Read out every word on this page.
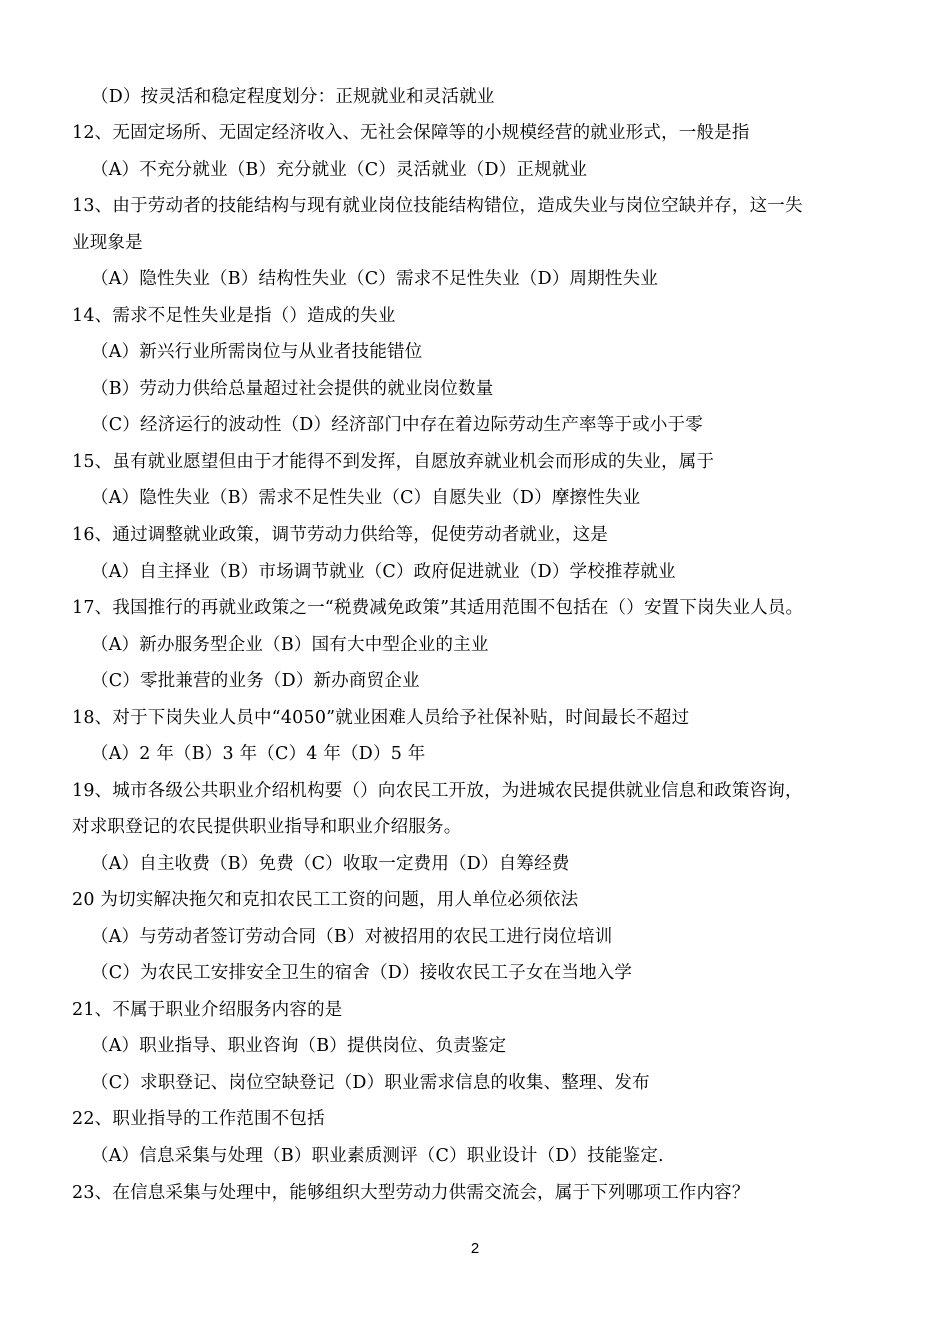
（D）按灵活和稳定程度划分：正规就业和灵活就业
12、无固定场所、无固定经济收入、无社会保障等的小规模经营的就业形式，一般是指
（A）不充分就业（B）充分就业（C）灵活就业（D）正规就业
13、由于劳动者的技能结构与现有就业岗位技能结构错位，造成失业与岗位空缺并存，这一失
业现象是
（A）隐性失业（B）结构性失业（C）需求不足性失业（D）周期性失业
14、需求不足性失业是指（）造成的失业
（A）新兴行业所需岗位与从业者技能错位
（B）劳动力供给总量超过社会提供的就业岗位数量
（C）经济运行的波动性（D）经济部门中存在着边际劳动生产率等于或小于零
15、虽有就业愿望但由于才能得不到发挥，自愿放弃就业机会而形成的失业，属于
（A）隐性失业（B）需求不足性失业（C）自愿失业（D）摩擦性失业
16、通过调整就业政策，调节劳动力供给等，促使劳动者就业，这是
（A）自主择业（B）市场调节就业（C）政府促进就业（D）学校推荐就业
17、我国推行的再就业政策之一“税费减免政策”其适用范围不包括在（）安置下岗失业人员。
（A）新办服务型企业（B）国有大中型企业的主业
（C）零批兼营的业务（D）新办商贸企业
18、对于下岗失业人员中“4050”就业困难人员给予社保补贴，时间最长不超过
（A）2 年（B）3 年（C）4 年（D）5 年
19、城市各级公共职业介绍机构要（）向农民工开放，为进城农民提供就业信息和政策咨询，
对求职登记的农民提供职业指导和职业介绍服务。
（A）自主收费（B）免费（C）收取一定费用（D）自筹经费
20 为切实解决拖欠和克扣农民工工资的问题，用人单位必须依法
（A）与劳动者签订劳动合同（B）对被招用的农民工进行岗位培训
（C）为农民工安排安全卫生的宿舍（D）接收农民工子女在当地入学
21、不属于职业介绍服务内容的是
（A）职业指导、职业咨询（B）提供岗位、负责鉴定
（C）求职登记、岗位空缺登记（D）职业需求信息的收集、整理、发布
22、职业指导的工作范围不包括
（A）信息采集与处理（B）职业素质测评（C）职业设计（D）技能鉴定.
23、在信息采集与处理中，能够组织大型劳动力供需交流会，属于下列哪项工作内容？
2
